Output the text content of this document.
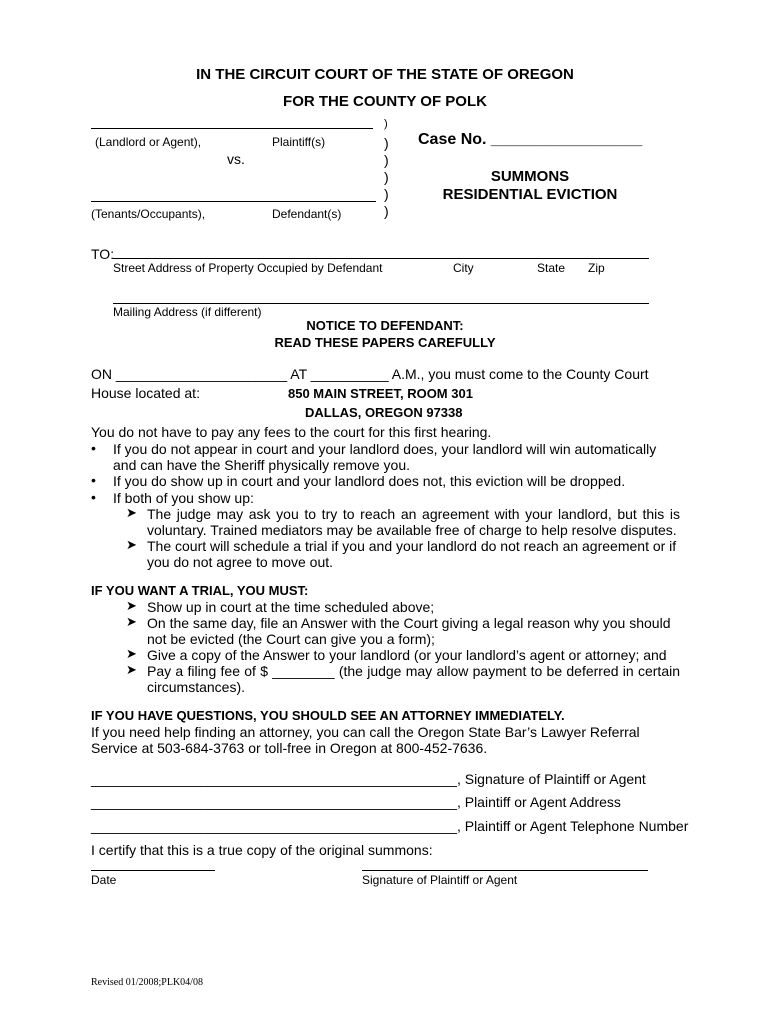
IN THE CIRCUIT COURT OF THE STATE OF OREGON
FOR THE COUNTY OF POLK
(Landlord or Agent),	Plaintiff(s)
vs.
(Tenants/Occupants),	Defendant(s)
)
)
)
)
)
)
Case No. _________________
SUMMONS
RESIDENTIAL EVICTION
TO:
Street Address of Property Occupied by Defendant	City	State Zip
Mailing Address (if different)
NOTICE TO DEFENDANT:
READ THESE PAPERS CAREFULLY
ON ______________________ AT __________ A.M., you must come to the County Court
House located at:	850 MAIN STREET, ROOM 301
DALLAS, OREGON 97338
You do not have to pay any fees to the court for this first hearing.
• If you do not appear in court and your landlord does, your landlord will win automatically and can have the Sheriff physically remove you.
• If you do show up in court and your landlord does not, this eviction will be dropped.
• If both of you show up:
➤ The judge may ask you to try to reach an agreement with your landlord, but this is voluntary. Trained mediators may be available free of charge to help resolve disputes.
➤ The court will schedule a trial if you and your landlord do not reach an agreement or if you do not agree to move out.
IF YOU WANT A TRIAL, YOU MUST:
➤ Show up in court at the time scheduled above;
➤ On the same day, file an Answer with the Court giving a legal reason why you should not be evicted (the Court can give you a form);
➤ Give a copy of the Answer to your landlord (or your landlord’s agent or attorney; and
➤ Pay a filing fee of $ ________ (the judge may allow payment to be deferred in certain circumstances).
IF YOU HAVE QUESTIONS, YOU SHOULD SEE AN ATTORNEY IMMEDIATELY.
If you need help finding an attorney, you can call the Oregon State Bar’s Lawyer Referral Service at 503-684-3763 or toll-free in Oregon at 800-452-7636.
_______________________________________________, Signature of Plaintiff or Agent
_______________________________________________, Plaintiff or Agent Address
_______________________________________________, Plaintiff or Agent Telephone Number
I certify that this is a true copy of the original summons:
Date	Signature of Plaintiff or Agent
Revised 01/2008;PLK04/08
